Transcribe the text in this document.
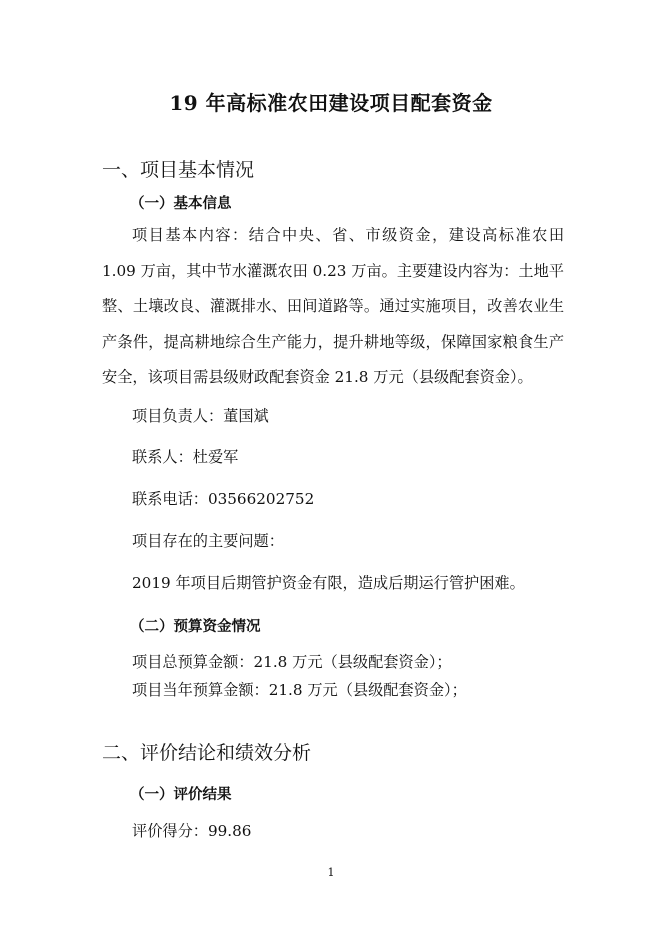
19 年高标准农田建设项目配套资金
一、项目基本情况
（一）基本信息

项目基本内容：结合中央、省、市级资金，建设高标准农田 1.09 万亩，其中节水灌溉农田 0.23 万亩。主要建设内容为：土地平整、土壤改良、灌溉排水、田间道路等。通过实施项目，改善农业生产条件，提高耕地综合生产能力，提升耕地等级，保障国家粮食生产安全，该项目需县级财政配套资金 21.8 万元（县级配套资金）。

项目负责人：董国斌
联系人：杜爱军
联系电话：03566202752
项目存在的主要问题：
2019 年项目后期管护资金有限，造成后期运行管护困难。
（二）预算资金情况
项目总预算金额：21.8 万元（县级配套资金）；
项目当年预算金额：21.8 万元（县级配套资金）；
二、评价结论和绩效分析
（一）评价结果
评价得分：99.86
1
